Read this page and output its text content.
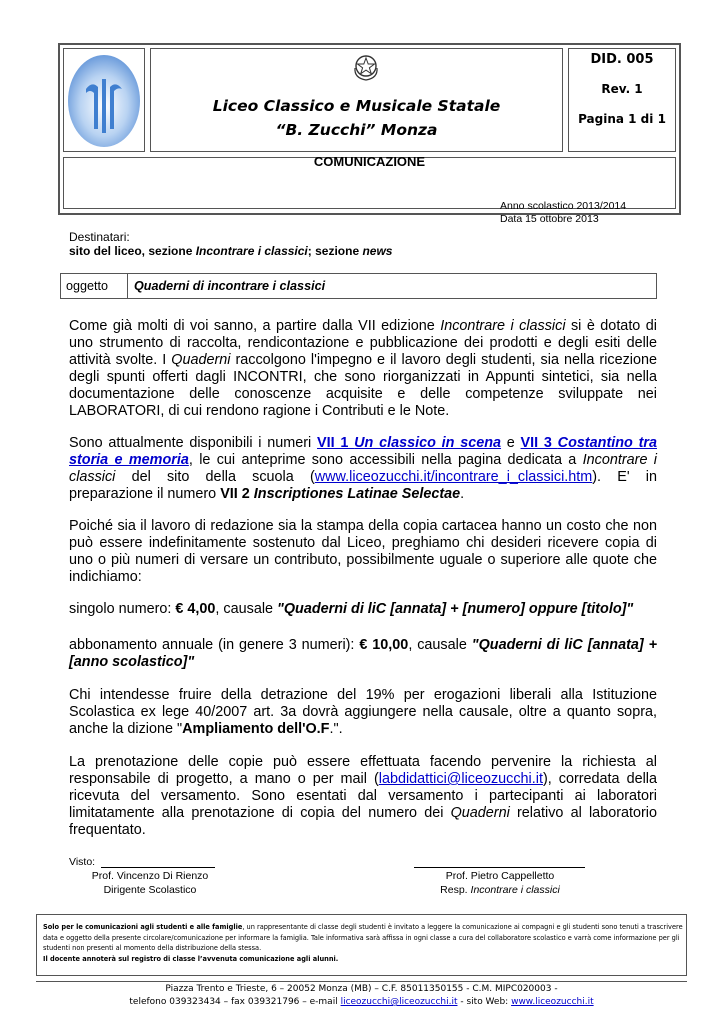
Liceo Classico e Musicale Statale
“B. Zucchi” Monza
DID. 005
Rev. 1
Pagina 1 di 1
COMUNICAZIONE
Anno scolastico 2013/2014
Data 15 ottobre 2013
Destinatari:
sito del liceo, sezione Incontrare i classici; sezione news
oggetto Quaderni di incontrare i classici
Come già molti di voi sanno, a partire dalla VII edizione Incontrare i classici si è dotato di uno strumento di raccolta, rendicontazione e pubblicazione dei prodotti e degli esiti delle attività svolte. I Quaderni raccolgono l'impegno e il lavoro degli studenti, sia nella ricezione degli spunti offerti dagli INCONTRI, che sono riorganizzati in Appunti sintetici, sia nella documentazione delle conoscenze acquisite e delle competenze sviluppate nei LABORATORI, di cui rendono ragione i Contributi e le Note.
Sono attualmente disponibili i numeri VII 1 Un classico in scena e VII 3 Costantino tra storia e memoria, le cui anteprime sono accessibili nella pagina dedicata a Incontrare i classici del sito della scuola (www.liceozucchi.it/incontrare_i_classici.htm). E' in preparazione il numero VII 2 Inscriptiones Latinae Selectae.
Poiché sia il lavoro di redazione sia la stampa della copia cartacea hanno un costo che non può essere indefinitamente sostenuto dal Liceo, preghiamo chi desideri ricevere copia di uno o più numeri di versare un contributo, possibilmente uguale o superiore alle quote che indichiamo:
singolo numero: € 4,00, causale "Quaderni di liC [annata] + [numero] oppure [titolo]"
abbonamento annuale (in genere 3 numeri): € 10,00, causale "Quaderni di liC [annata] + [anno scolastico]"
Chi intendesse fruire della detrazione del 19% per erogazioni liberali alla Istituzione Scolastica ex lege 40/2007 art. 3a dovrà aggiungere nella causale, oltre a quanto sopra, anche la dizione "Ampliamento dell'O.F.".
La prenotazione delle copie può essere effettuata facendo pervenire la richiesta al responsabile di progetto, a mano o per mail (labdidattici@liceozucchi.it), corredata della ricevuta del versamento. Sono esentati dal versamento i partecipanti ai laboratori limitatamente alla prenotazione di copia del numero dei Quaderni relativo al laboratorio frequentato.
Visto:
Prof. Vincenzo Di Rienzo
Dirigente Scolastico
Prof. Pietro Cappelletto
Resp. Incontrare i classici
Solo per le comunicazioni agli studenti e alle famiglie, un rappresentante di classe degli studenti è invitato a leggere la comunicazione ai compagni e gli studenti sono tenuti a trascrivere data e oggetto della presente circolare/comunicazione per informare la famiglia. Tale informativa sarà affissa in ogni classe a cura del collaboratore scolastico e varrà come informazione per gli studenti non presenti al momento della distribuzione della stessa.
Il docente annoterà sul registro di classe l’avvenuta comunicazione agli alunni.
Piazza Trento e Trieste, 6 – 20052 Monza (MB) – C.F. 85011350155 - C.M. MIPC020003 -
telefono 039323434 – fax 039321796 – e-mail liceozucchi@liceozucchi.it - sito Web: www.liceozucchi.it
